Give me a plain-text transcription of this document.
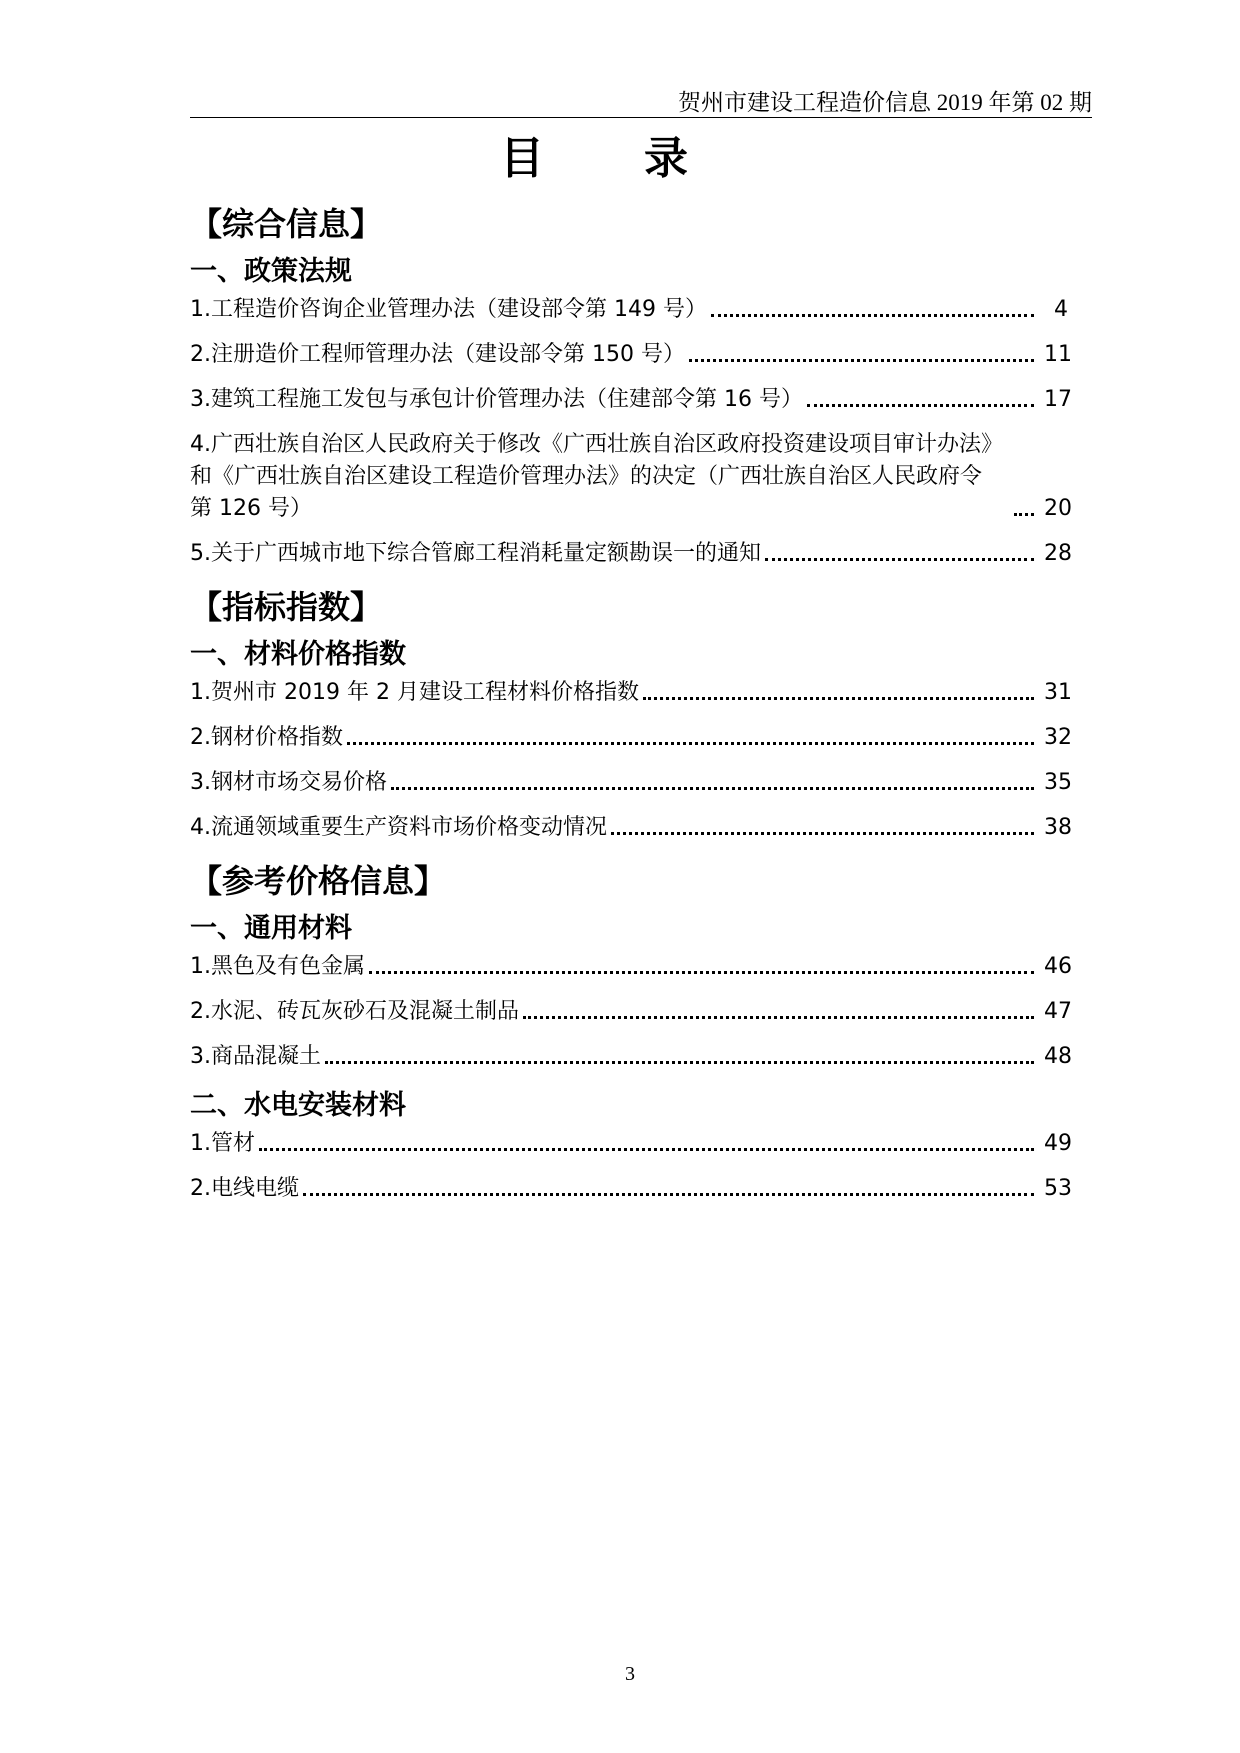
贺州市建设工程造价信息 2019 年第 02 期
目录
【综合信息】
一、政策法规
1.工程造价咨询企业管理办法（建设部令第 149 号）	4
2.注册造价工程师管理办法（建设部令第 150 号）	11
3.建筑工程施工发包与承包计价管理办法（住建部令第 16 号）	17
4.广西壮族自治区人民政府关于修改《广西壮族自治区政府投资建设项目审计办法》和《广西壮族自治区建设工程造价管理办法》的决定（广西壮族自治区人民政府令 第 126 号）	20
5.关于广西城市地下综合管廊工程消耗量定额勘误一的通知	28
【指标指数】
一、材料价格指数
1.贺州市 2019 年 2 月建设工程材料价格指数	31
2.钢材价格指数	32
3.钢材市场交易价格	35
4.流通领域重要生产资料市场价格变动情况	38
【参考价格信息】
一、通用材料
1.黑色及有色金属	46
2.水泥、砖瓦灰砂石及混凝土制品	47
3.商品混凝土	48
二、水电安装材料
1.管材	49
2.电线电缆	53
3
